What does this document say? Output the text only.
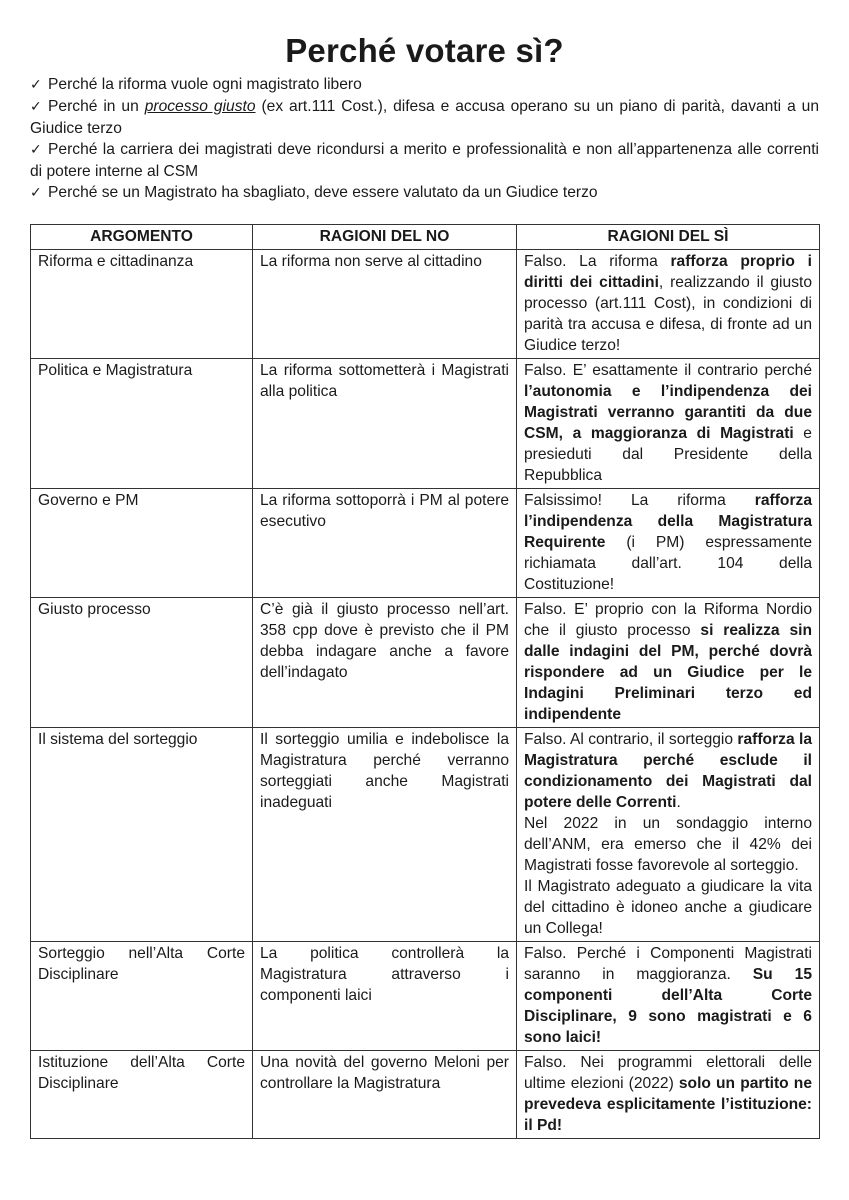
Perché votare sì?
✓ Perché la riforma vuole ogni magistrato libero
✓ Perché in un processo giusto (ex art.111 Cost.), difesa e accusa operano su un piano di parità, davanti a un Giudice terzo
✓ Perché la carriera dei magistrati deve ricondursi a merito e professionalità e non all’appartenenza alle correnti di potere interne al CSM
✓ Perché se un Magistrato ha sbagliato, deve essere valutato da un Giudice terzo
ARGOMENTO	RAGIONI DEL NO	RAGIONI DEL SÌ
Riforma e cittadinanza	La riforma non serve al cittadino	Falso. La riforma rafforza proprio i diritti dei cittadini, realizzando il giusto processo (art.111 Cost), in condizioni di parità tra accusa e difesa, di fronte ad un Giudice terzo!

Politica e Magistratura	La riforma sottometterà i Magistrati alla politica	Falso. E’ esattamente il contrario perché l’autonomia e l’indipendenza dei Magistrati verranno garantiti da due CSM, a maggioranza di Magistrati e presieduti dal Presidente della Repubblica

Governo e PM	La riforma sottoporrà i PM al potere esecutivo	Falsissimo! La riforma rafforza l’indipendenza della Magistratura Requirente (i PM) espressamente richiamata dall’art. 104 della Costituzione!

Giusto processo	C’è già il giusto processo nell’art. 358 cpp dove è previsto che il PM debba indagare anche a favore dell’indagato	Falso. E’ proprio con la Riforma Nordio che il giusto processo si realizza sin dalle indagini del PM, perché dovrà rispondere ad un Giudice per le Indagini Preliminari terzo ed indipendente

Il sistema del sorteggio	Il sorteggio umilia e indebolisce la Magistratura perché verranno sorteggiati anche Magistrati inadeguati	Falso. Al contrario, il sorteggio rafforza la Magistratura perché esclude il condizionamento dei Magistrati dal potere delle Correnti.
Nel 2022 in un sondaggio interno dell’ANM, era emerso che il 42% dei Magistrati fosse favorevole al sorteggio.
Il Magistrato adeguato a giudicare la vita del cittadino è idoneo anche a giudicare un Collega!

Sorteggio nell’Alta Corte Disciplinare	La politica controllerà la Magistratura attraverso i componenti laici	Falso. Perché i Componenti Magistrati saranno in maggioranza. Su 15 componenti dell’Alta Corte Disciplinare, 9 sono magistrati e 6 sono laici!

Istituzione dell’Alta Corte Disciplinare	Una novità del governo Meloni per controllare la Magistratura	Falso. Nei programmi elettorali delle ultime elezioni (2022) solo un partito ne prevedeva esplicitamente l’istituzione: il Pd!
